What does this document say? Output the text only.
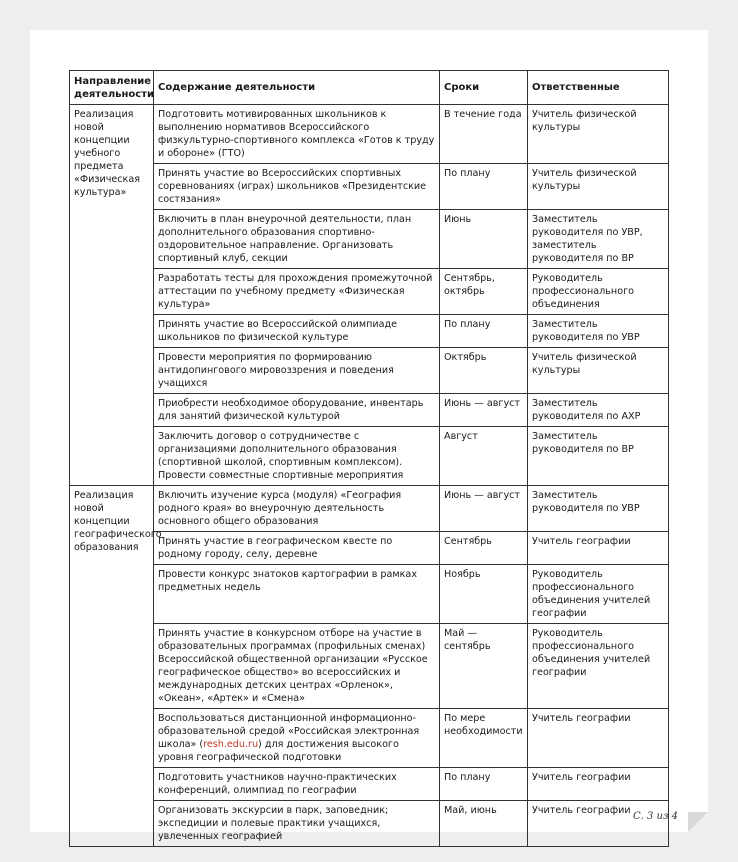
Направление деятельности	Содержание деятельности	Сроки	Ответственные
Реализация новой концепции учебного предмета «Физическая культура»	Подготовить мотивированных школьников к выполнению нормативов Всероссийского физкультурно-спортивного комплекса «Готов к труду и обороне» (ГТО)	В течение года	Учитель физической культуры
	Принять участие во Всероссийских спортивных соревнованиях (играх) школьников «Президентские состязания»	По плану	Учитель физической культуры
	Включить в план внеурочной деятельности, план дополнительного образования спортивно-оздоровительное направление. Организовать спортивный клуб, секции	Июнь	Заместитель руководителя по УВР, заместитель руководителя по ВР
	Разработать тесты для прохождения промежуточной аттестации по учебному предмету «Физическая культура»	Сентябрь, октябрь	Руководитель профессионального объединения
	Принять участие во Всероссийской олимпиаде школьников по физической культуре	По плану	Заместитель руководителя по УВР
	Провести мероприятия по формированию антидопингового мировоззрения и поведения учащихся	Октябрь	Учитель физической культуры
	Приобрести необходимое оборудование, инвентарь для занятий физической культурой	Июнь — август	Заместитель руководителя по АХР
	Заключить договор о сотрудничестве с организациями дополнительного образования (спортивной школой, спортивным комплексом). Провести совместные спортивные мероприятия	Август	Заместитель руководителя по ВР
Реализация новой концепции географического образования	Включить изучение курса (модуля) «География родного края» во внеурочную деятельность основного общего образования	Июнь — август	Заместитель руководителя по УВР
	Принять участие в географическом квесте по родному городу, селу, деревне	Сентябрь	Учитель географии
	Провести конкурс знатоков картографии в рамках предметных недель	Ноябрь	Руководитель профессионального объединения учителей географии
	Принять участие в конкурсном отборе на участие в образовательных программах (профильных сменах) Всероссийской общественной организации «Русское географическое общество» во всероссийских и международных детских центрах «Орленок», «Океан», «Артек» и «Смена»	Май — сентябрь	Руководитель профессионального объединения учителей географии
	Воспользоваться дистанционной информационно-образовательной средой «Российская электронная школа» (resh.edu.ru) для достижения высокого уровня географической подготовки	По мере необходимости	Учитель географии
	Подготовить участников научно-практических конференций, олимпиад по географии	По плану	Учитель географии
	Организовать экскурсии в парк, заповедник; экспедиции и полевые практики учащихся, увлеченных географией	Май, июнь	Учитель географии
С. 3 из 4
